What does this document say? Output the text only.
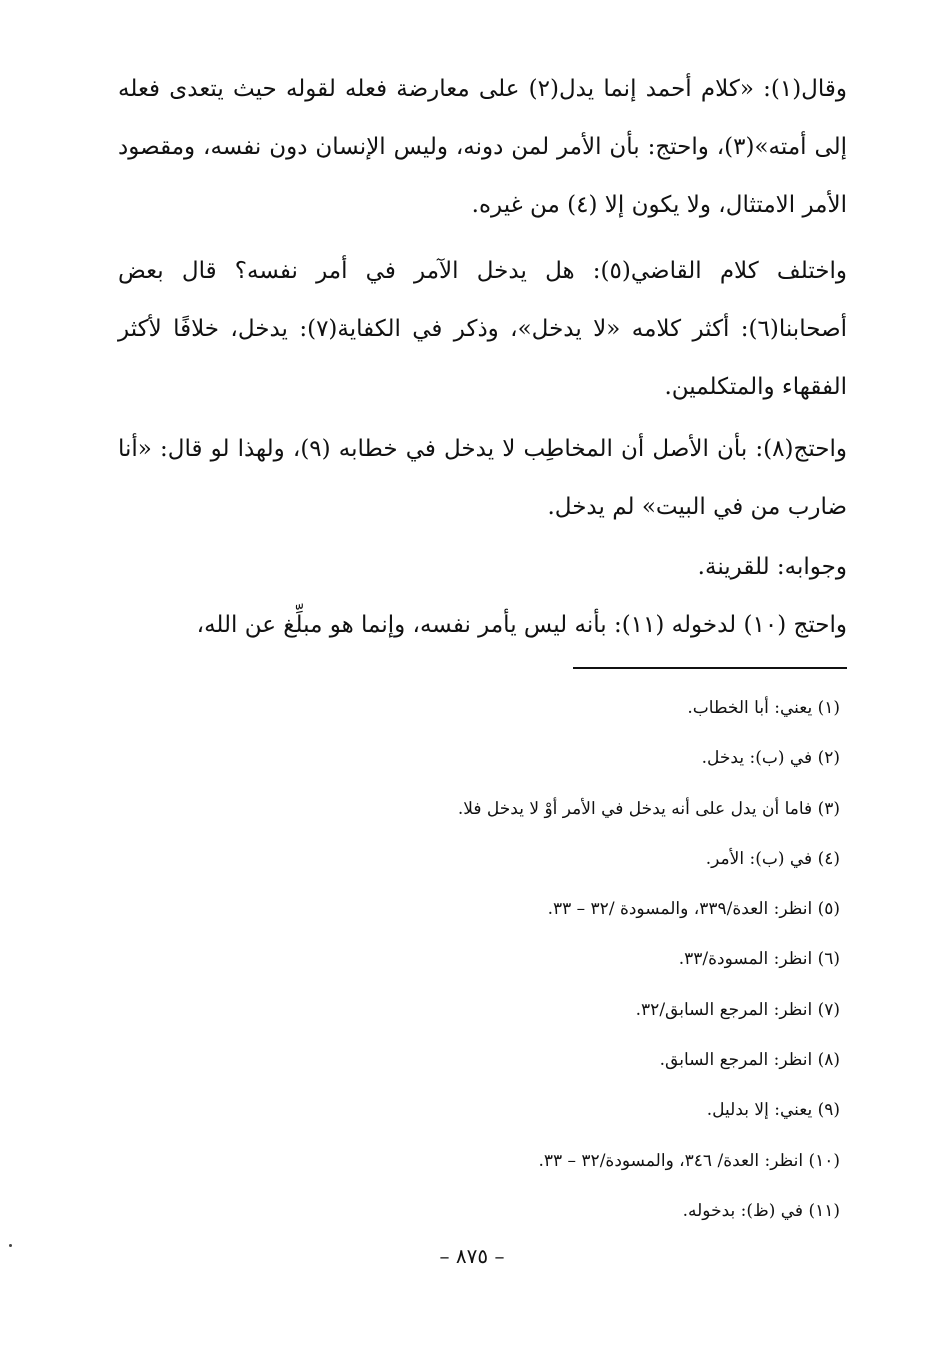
وقال(١): «كلام أحمد إنما يدل(٢) على معارضة فعله لقوله حيث يتعدى فعله إلى أمته»(٣)، واحتج: بأن الأمر لمن دونه، وليس الإنسان دون نفسه، ومقصود الأمر الامتثال، ولا يكون إلا (٤) من غيره.
واختلف كلام القاضي(٥): هل يدخل الآمر في أمر نفسه؟ قال بعض أصحابنا(٦): أكثر كلامه «لا يدخل»، وذكر في الكفاية(٧): يدخل، خلافًا لأكثر الفقهاء والمتكلمين.
واحتج(٨): بأن الأصل أن المخاطِب لا يدخل في خطابه (٩)، ولهذا لو قال: «أنا ضارب من في البيت» لم يدخل.
وجوابه: للقرينة.
واحتج (١٠) لدخوله (١١): بأنه ليس يأمر نفسه، وإنما هو مبلِّغ عن الله،
(١) يعني: أبا الخطاب.
(٢) في (ب): يدخل.
(٣) فاما أن يدل على أنه يدخل في الأمر أوْ لا يدخل فلا.
(٤) في (ب): الأمر.
(٥) انظر: العدة/٣٣٩، والمسودة /٣٢ – ٣٣.
(٦) انظر: المسودة/٣٣.
(٧) انظر: المرجع السابق/٣٢.
(٨) انظر: المرجع السابق.
(٩) يعني: إلا بدليل.
(١٠) انظر: العدة/ ٣٤٦، والمسودة/٣٢ – ٣٣.
(١١) في (ظ): بدخوله.
– ٨٧٥ –
